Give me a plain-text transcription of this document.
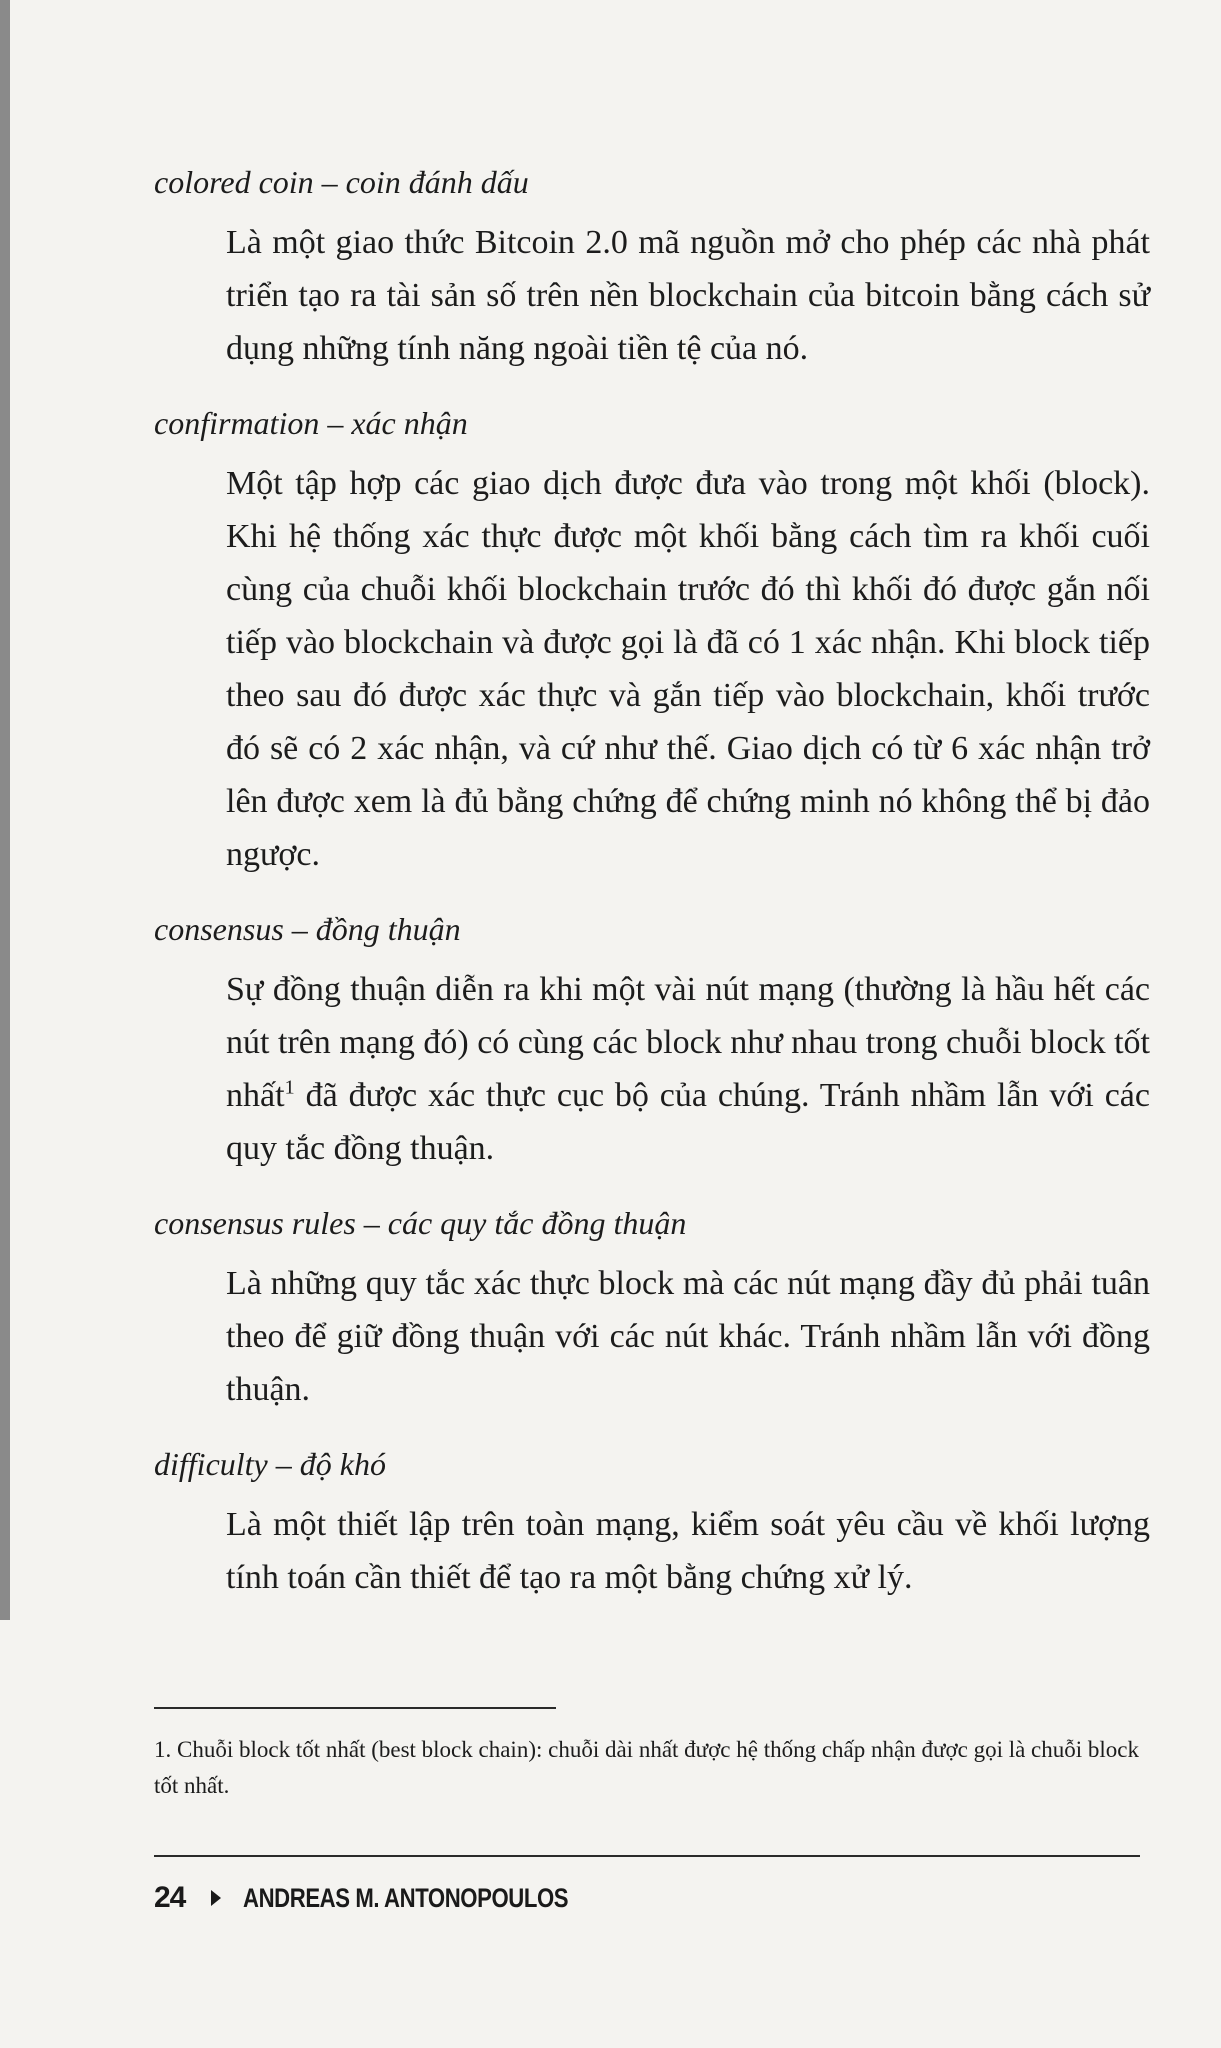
colored coin – coin đánh dấu

Là một giao thức Bitcoin 2.0 mã nguồn mở cho phép các nhà phát triển tạo ra tài sản số trên nền blockchain của bitcoin bằng cách sử dụng những tính năng ngoài tiền tệ của nó.

confirmation – xác nhận

Một tập hợp các giao dịch được đưa vào trong một khối (block). Khi hệ thống xác thực được một khối bằng cách tìm ra khối cuối cùng của chuỗi khối blockchain trước đó thì khối đó được gắn nối tiếp vào blockchain và được gọi là đã có 1 xác nhận. Khi block tiếp theo sau đó được xác thực và gắn tiếp vào blockchain, khối trước đó sẽ có 2 xác nhận, và cứ như thế. Giao dịch có từ 6 xác nhận trở lên được xem là đủ bằng chứng để chứng minh nó không thể bị đảo ngược.

consensus – đồng thuận

Sự đồng thuận diễn ra khi một vài nút mạng (thường là hầu hết các nút trên mạng đó) có cùng các block như nhau trong chuỗi block tốt nhất$^1$ đã được xác thực cục bộ của chúng. Tránh nhầm lẫn với các quy tắc đồng thuận.

consensus rules – các quy tắc đồng thuận

Là những quy tắc xác thực block mà các nút mạng đầy đủ phải tuân theo để giữ đồng thuận với các nút khác. Tránh nhầm lẫn với đồng thuận.

difficulty – độ khó

Là một thiết lập trên toàn mạng, kiểm soát yêu cầu về khối lượng tính toán cần thiết để tạo ra một bằng chứng xử lý.

1. Chuỗi block tốt nhất (best block chain): chuỗi dài nhất được hệ thống chấp nhận được gọi là chuỗi block tốt nhất.

24 ANDREAS M. ANTONOPOULOS
